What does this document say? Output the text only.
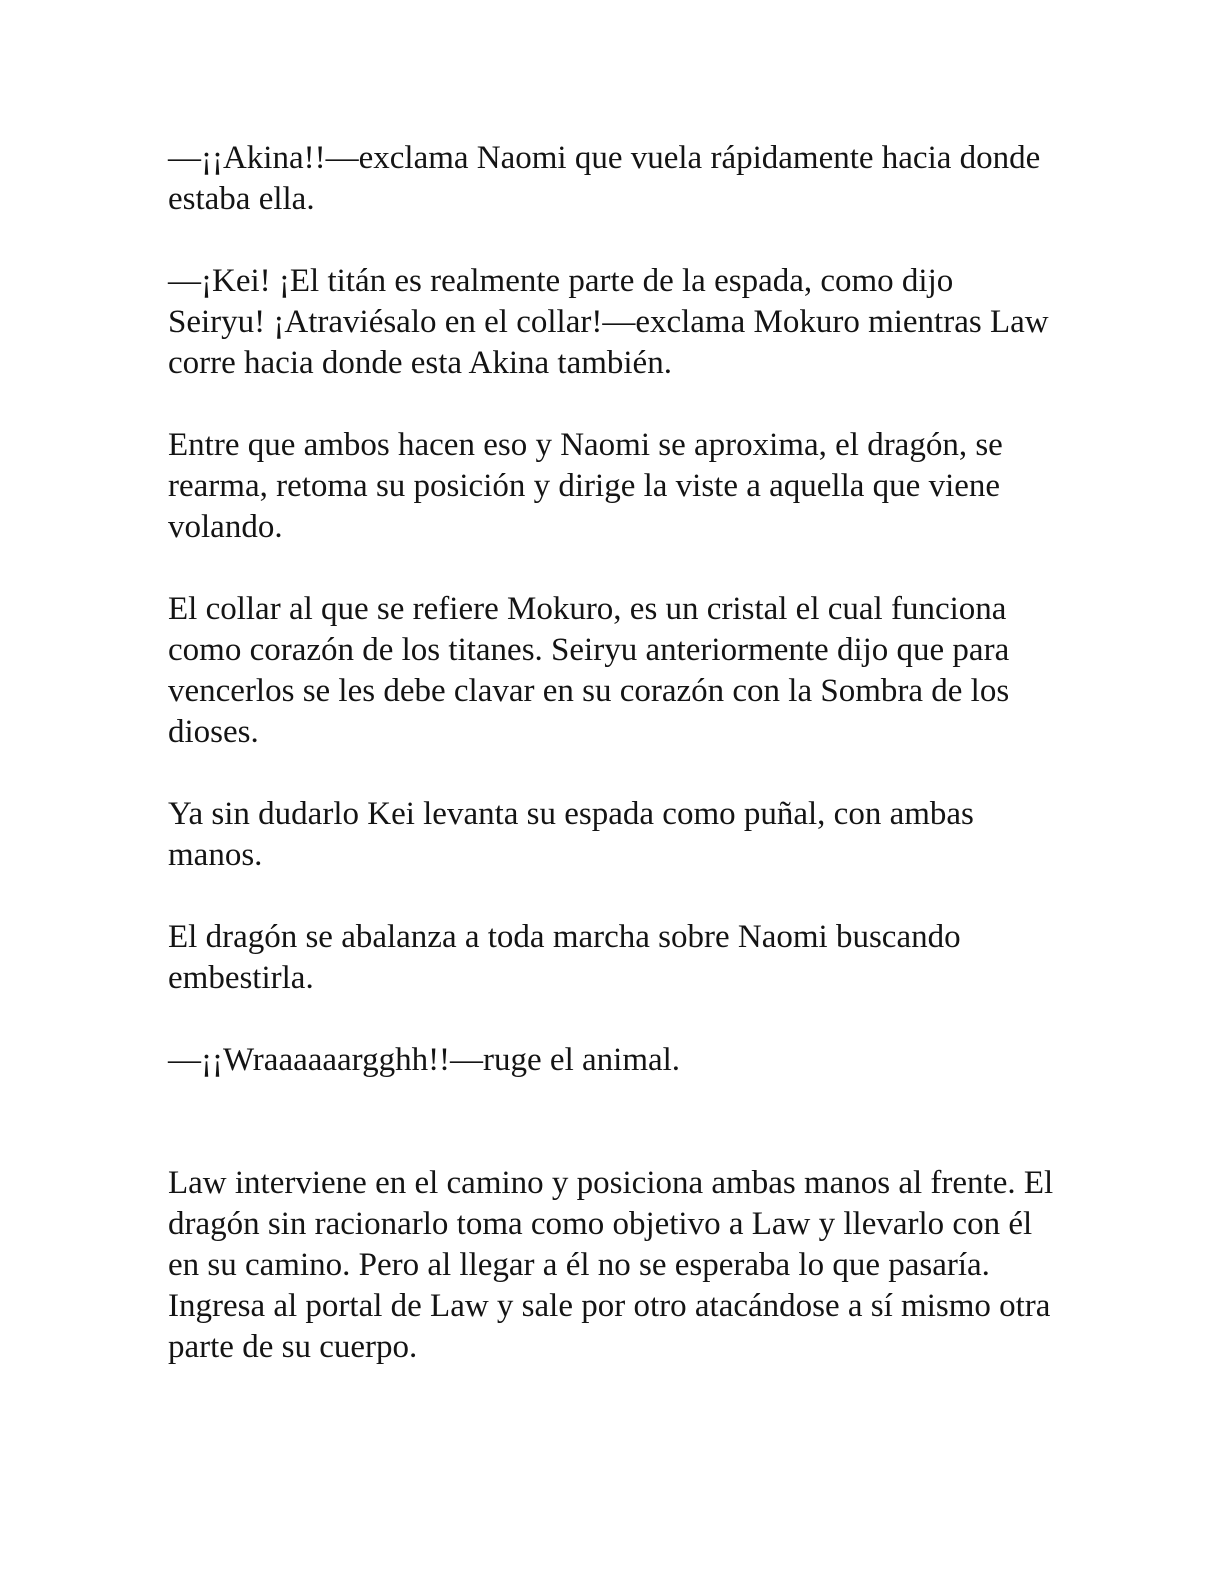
—¡¡Akina!!—exclama Naomi que vuela rápidamente hacia donde estaba ella.

—¡Kei! ¡El titán es realmente parte de la espada, como dijo Seiryu! ¡Atraviésalo en el collar!—exclama Mokuro mientras Law corre hacia donde esta Akina también.

Entre que ambos hacen eso y Naomi se aproxima, el dragón, se rearma, retoma su posición y dirige la viste a aquella que viene volando.

El collar al que se refiere Mokuro, es un cristal el cual funciona como corazón de los titanes. Seiryu anteriormente dijo que para vencerlos se les debe clavar en su corazón con la Sombra de los dioses.

Ya sin dudarlo Kei levanta su espada como puñal, con ambas manos.

El dragón se abalanza a toda marcha sobre Naomi buscando embestirla.

—¡¡Wraaaaaargghh!!—ruge el animal.

Law interviene en el camino y posiciona ambas manos al frente. El dragón sin racionarlo toma como objetivo a Law y llevarlo con él en su camino. Pero al llegar a él no se esperaba lo que pasaría. Ingresa al portal de Law y sale por otro atacándose a sí mismo otra parte de su cuerpo.
